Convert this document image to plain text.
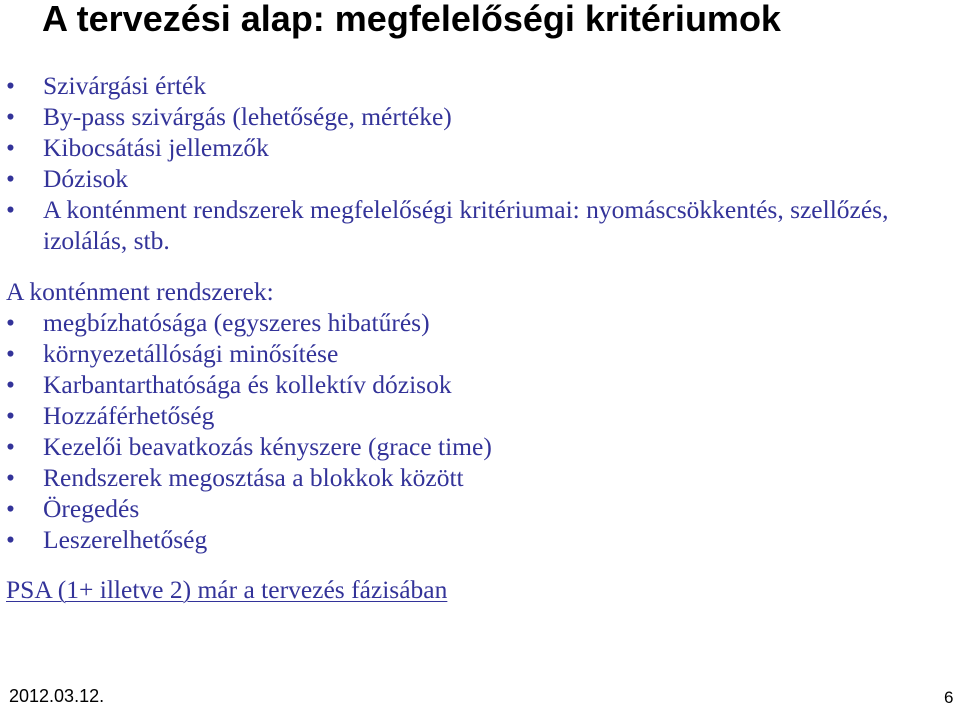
A tervezési alap: megfelelőségi kritériumok
• Szivárgási érték
• By-pass szivárgás (lehetősége, mértéke)
• Kibocsátási jellemzők
• Dózisok
• A konténment rendszerek megfelelőségi kritériumai: nyomáscsökkentés, szellőzés, izolálás, stb.
A konténment rendszerek:
• megbízhatósága (egyszeres hibatűrés)
• környezetállósági minősítése
• Karbantarthatósága és kollektív dózisok
• Hozzáférhetőség
• Kezelői beavatkozás kényszere (grace time)
• Rendszerek megosztása a blokkok között
• Öregedés
• Leszerelhetőség
PSA (1+ illetve 2) már a tervezés fázisában
2012.03.12.	6
